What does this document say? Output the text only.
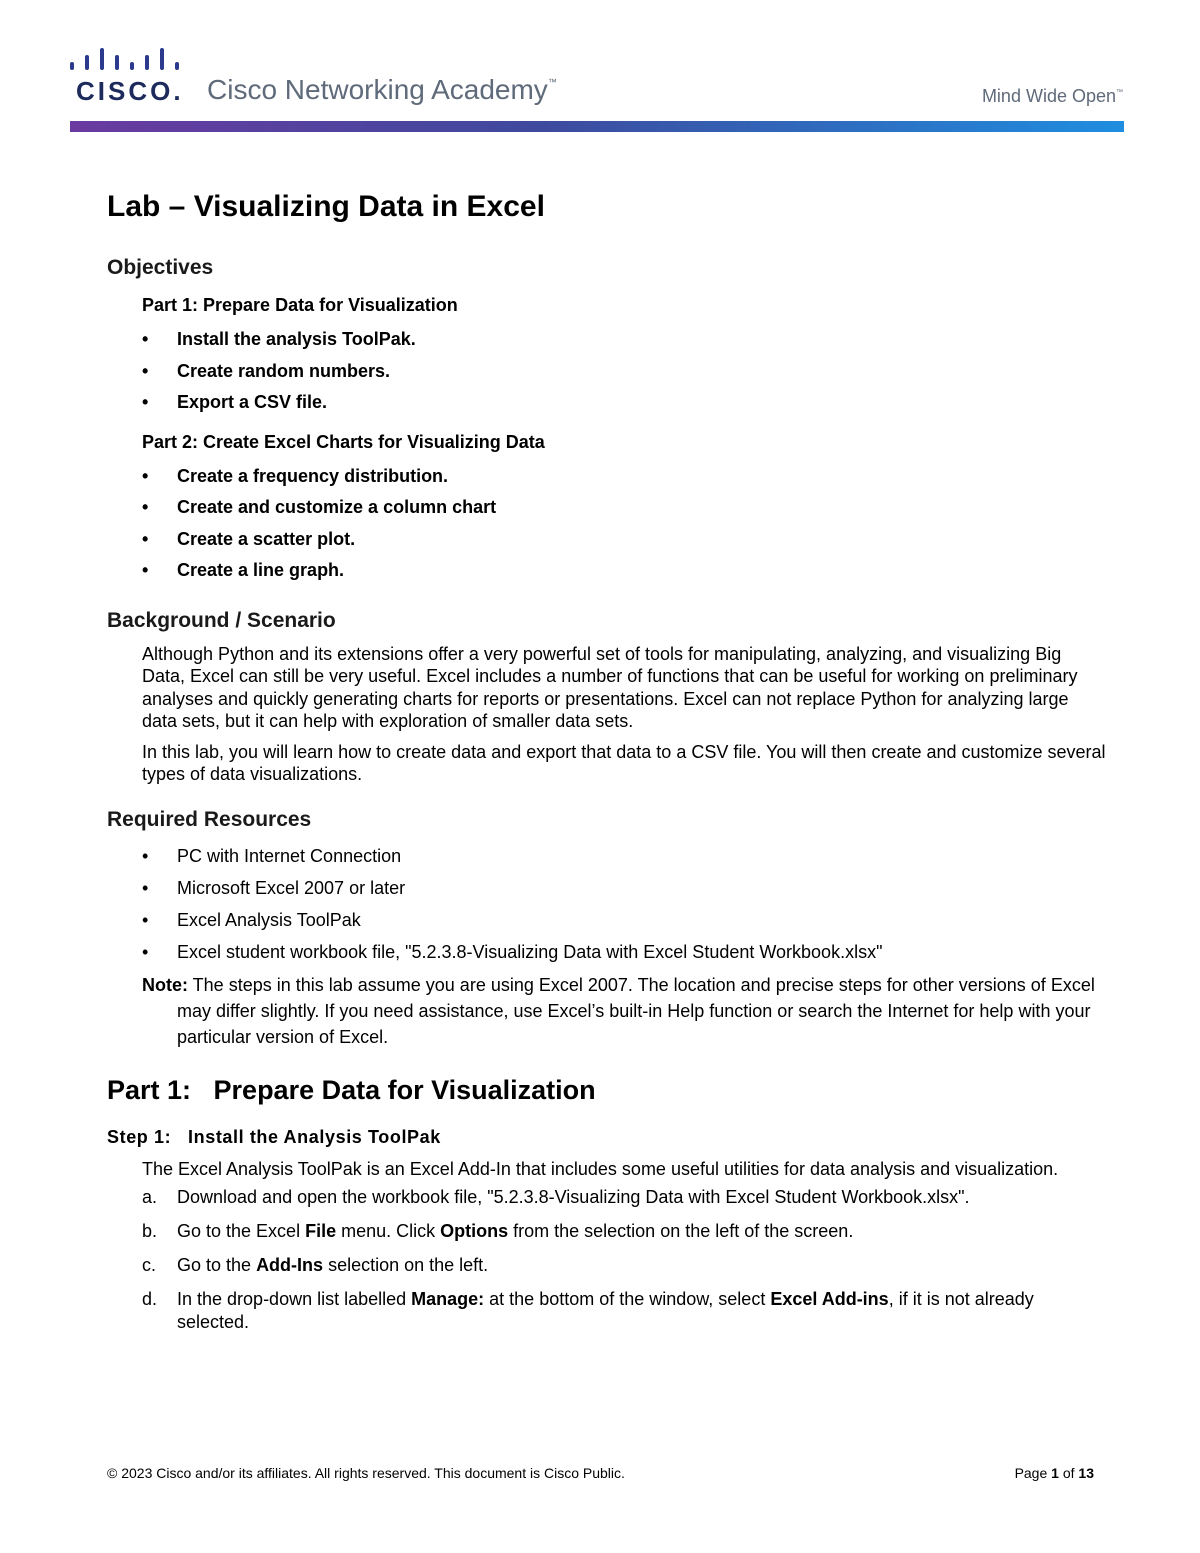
CISCO. Cisco Networking Academy™
Mind Wide Open™
Lab – Visualizing Data in Excel
Objectives
Part 1: Prepare Data for Visualization
• Install the analysis ToolPak.
• Create random numbers.
• Export a CSV file.
Part 2: Create Excel Charts for Visualizing Data
• Create a frequency distribution.
• Create and customize a column chart
• Create a scatter plot.
• Create a line graph.
Background / Scenario

Although Python and its extensions offer a very powerful set of tools for manipulating, analyzing, and visualizing Big Data, Excel can still be very useful. Excel includes a number of functions that can be useful for working on preliminary analyses and quickly generating charts for reports or presentations. Excel can not replace Python for analyzing large data sets, but it can help with exploration of smaller data sets.

In this lab, you will learn how to create data and export that data to a CSV file. You will then create and customize several types of data visualizations.

Required Resources
• PC with Internet Connection
• Microsoft Excel 2007 or later
• Excel Analysis ToolPak
• Excel student workbook file, "5.2.3.8-Visualizing Data with Excel Student Workbook.xlsx"

Note: The steps in this lab assume you are using Excel 2007. The location and precise steps for other versions of Excel may differ slightly. If you need assistance, use Excel’s built-in Help function or search the Internet for help with your particular version of Excel.

Part 1:   Prepare Data for Visualization
Step 1:   Install the Analysis ToolPak

The Excel Analysis ToolPak is an Excel Add-In that includes some useful utilities for data analysis and visualization.

a. Download and open the workbook file, "5.2.3.8-Visualizing Data with Excel Student Workbook.xlsx".
b. Go to the Excel File menu. Click Options from the selection on the left of the screen.
c. Go to the Add-Ins selection on the left.
d. In the drop-down list labelled Manage: at the bottom of the window, select Excel Add-ins, if it is not already selected.
© 2023 Cisco and/or its affiliates. All rights reserved. This document is Cisco Public.	Page 1 of 13
